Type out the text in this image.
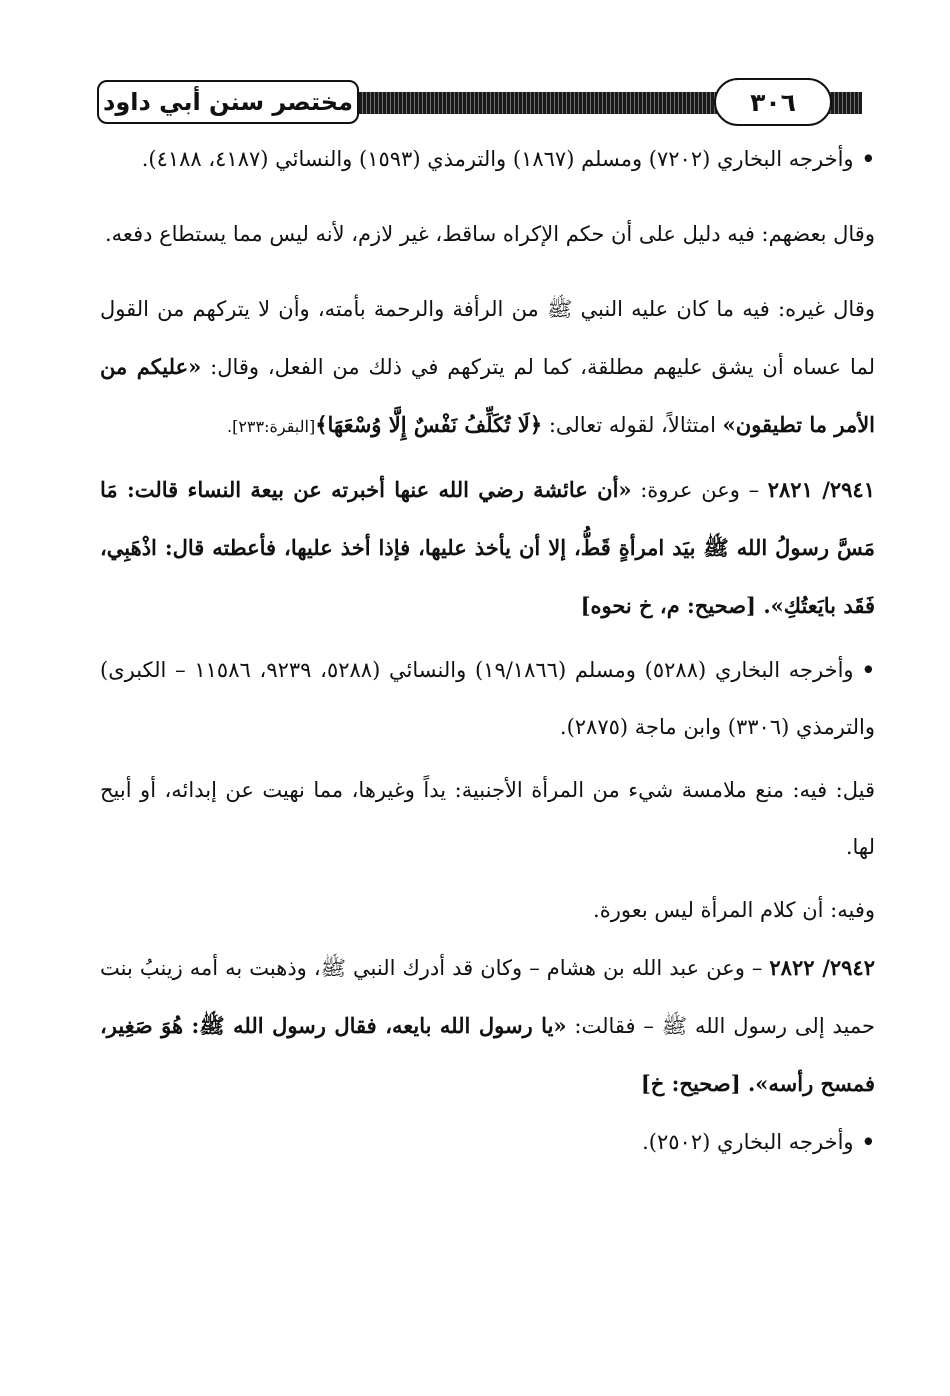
مختصر سنن أبي داود	٣٠٦

•وأخرجه البخاري (٧٢٠٢) ومسلم (١٨٦٧) والترمذي (١٥٩٣) والنسائي (٤١٨٧، ٤١٨٨).

وقال بعضهم: فيه دليل على أن حكم الإكراه ساقط، غير لازم، لأنه ليس مما يستطاع دفعه.

وقال غيره: فيه ما كان عليه النبي ﷺ من الرأفة والرحمة بأمته، وأن لا يتركهم من القول لما عساه أن يشق عليهم مطلقة، كما لم يتركهم في ذلك من الفعل، وقال: «عليكم من الأمر ما تطيقون» امتثالاً، لقوله تعالى: ﴿لَا تُكَلِّفُ نَفْسٌ إِلَّا وُسْعَهَا﴾[البقرة:٢٣٣].

٢٩٤١/ ٢٨٢١ – وعن عروة: «أن عائشة رضي الله عنها أخبرته عن بيعة النساء قالت: مَا مَسَّ رسولُ الله ﷺ بيَد امرأةٍ قَطُّ، إلا أن يأخذ عليها، فإذا أخذ عليها، فأعطته قال: اذْهَبِي، فَقَد بايَعتُكِ». [صحيح: م، خ نحوه]

•وأخرجه البخاري (٥٢٨٨) ومسلم (١٩/١٨٦٦) والنسائي (٥٢٨٨، ٩٢٣٩، ١١٥٨٦ – الكبرى) والترمذي (٣٣٠٦) وابن ماجة (٢٨٧٥).

قيل: فيه: منع ملامسة شيء من المرأة الأجنبية: يداً وغيرها، مما نهيت عن إبدائه، أو أبيح لها.

وفيه: أن كلام المرأة ليس بعورة.

٢٩٤٢/ ٢٨٢٢ – وعن عبد الله بن هشام – وكان قد أدرك النبي ﷺ، وذهبت به أمه زينبُ بنت حميد إلى رسول الله ﷺ – فقالت: «يا رسول الله بايعه، فقال رسول الله ﷺ: هُوَ صَغِير، فمسح رأسه». [صحيح: خ]

•وأخرجه البخاري (٢٥٠٢).
